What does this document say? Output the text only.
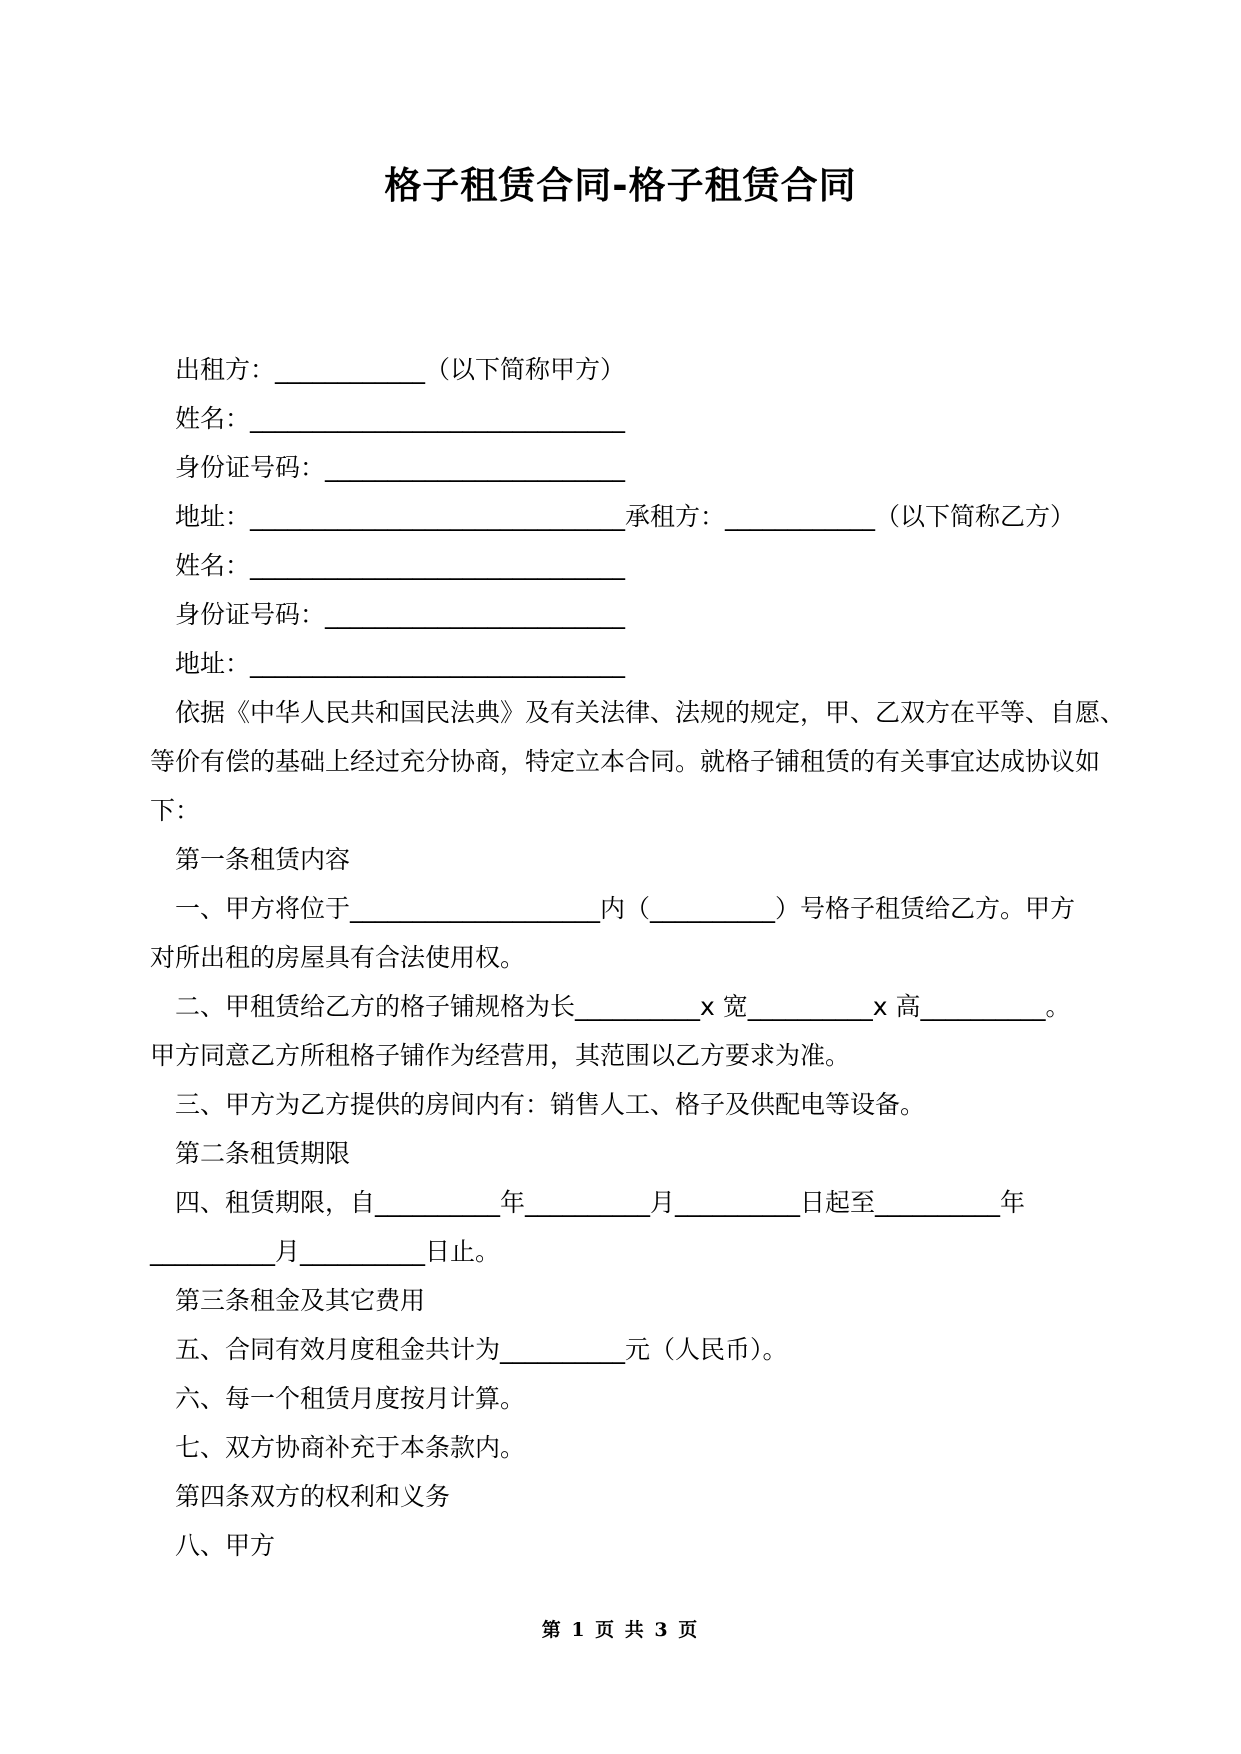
格子租赁合同-格子租赁合同
出租方：____________（以下简称甲方）
姓名：______________________________
身份证号码：________________________
地址：______________________________承租方：____________（以下简称乙方）
姓名：______________________________
身份证号码：________________________
地址：______________________________
依据《中华人民共和国民法典》及有关法律、法规的规定，甲、乙双方在平等、自愿、
等价有偿的基础上经过充分协商，特定立本合同。就格子铺租赁的有关事宜达成协议如
下：
第一条租赁内容
一、甲方将位于____________________内（__________）号格子租赁给乙方。甲方
对所出租的房屋具有合法使用权。
二、甲租赁给乙方的格子铺规格为长__________x 宽__________x 高__________。
甲方同意乙方所租格子铺作为经营用，其范围以乙方要求为准。
三、甲方为乙方提供的房间内有：销售人工、格子及供配电等设备。
第二条租赁期限
四、租赁期限，自__________年__________月__________日起至__________年
__________月__________日止。
第三条租金及其它费用
五、合同有效月度租金共计为__________元（人民币）。
六、每一个租赁月度按月计算。
七、双方协商补充于本条款内。
第四条双方的权利和义务
八、甲方
第 1 页 共 3 页
